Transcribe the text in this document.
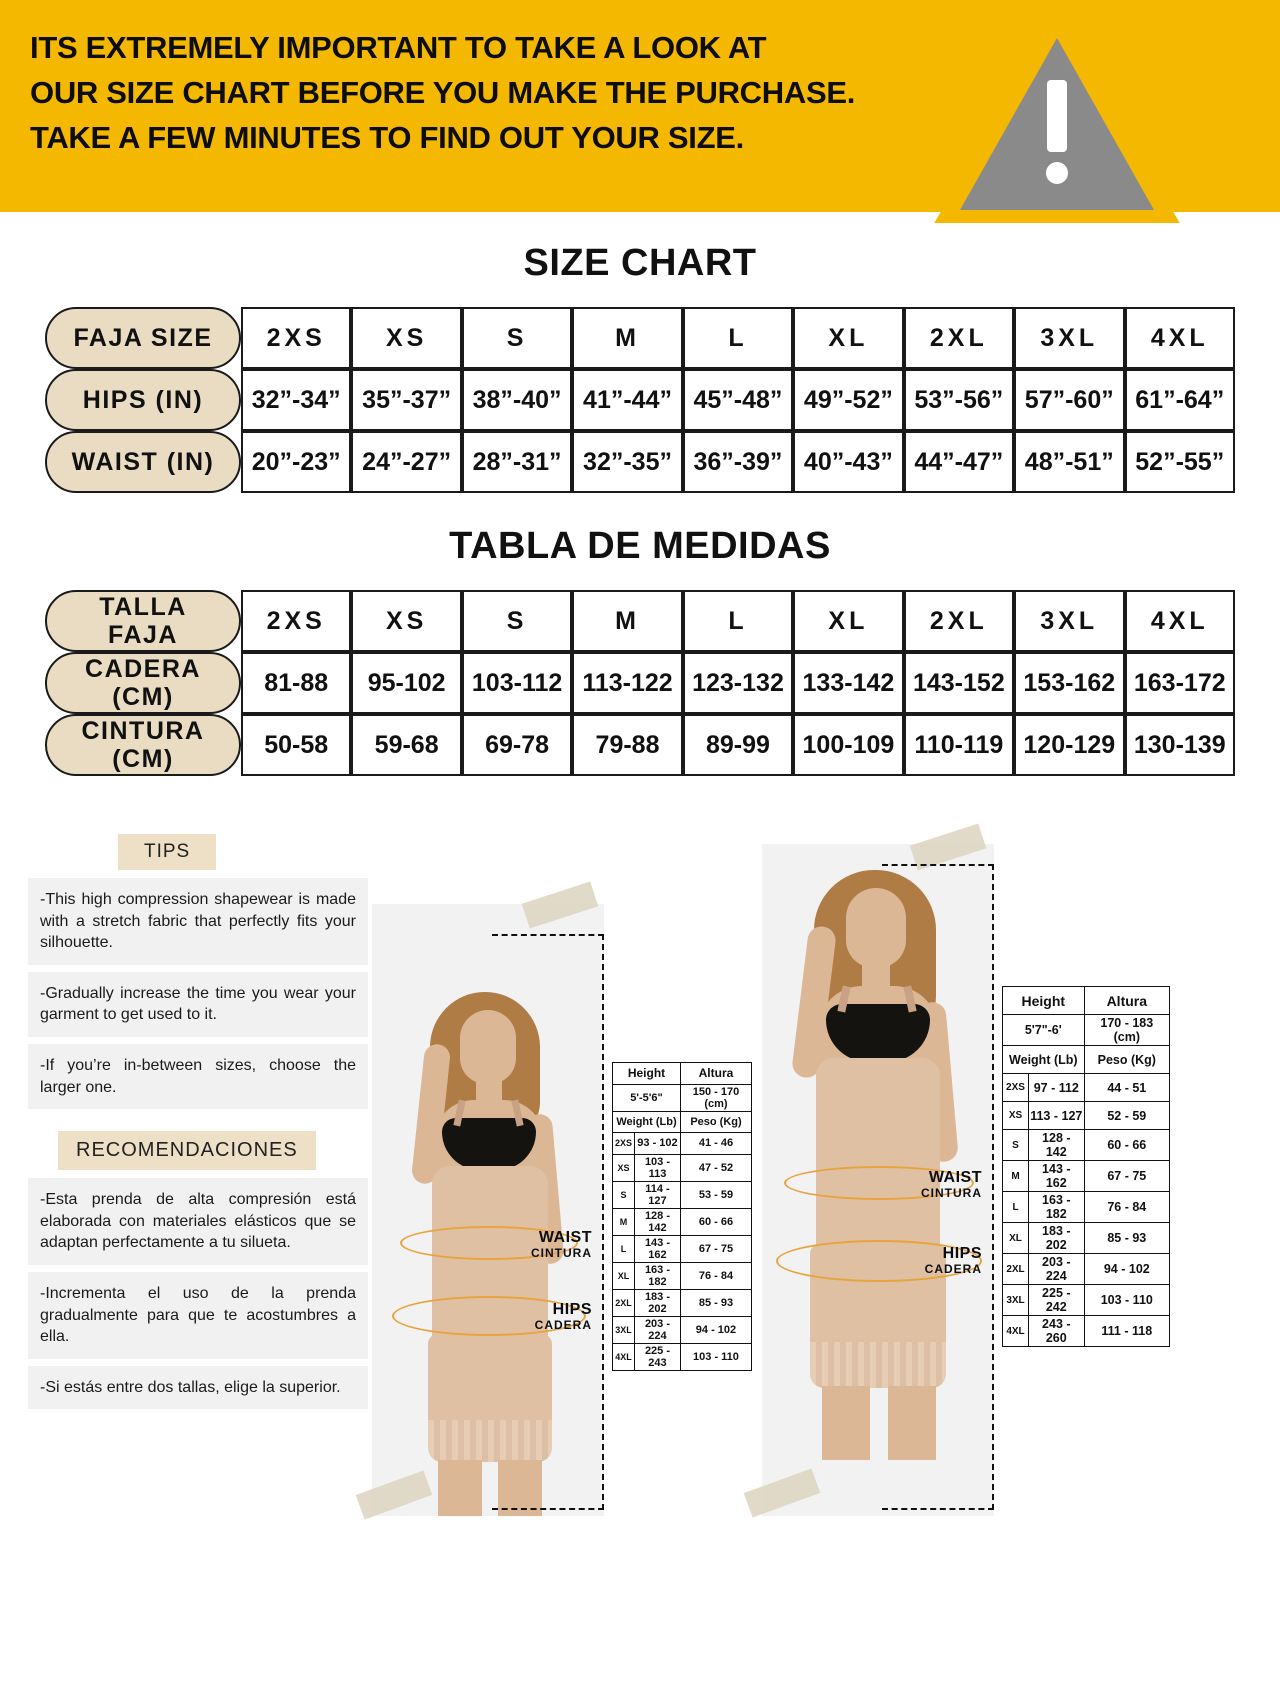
ITS EXTREMELY IMPORTANT TO TAKE A LOOK AT
OUR SIZE CHART BEFORE YOU MAKE THE PURCHASE.
TAKE A FEW MINUTES TO FIND OUT YOUR SIZE.
SIZE CHART
FAJA SIZE	2XS	XS	S	M	L	XL	2XL	3XL	4XL
HIPS (IN)	32”-34”	35”-37”	38”-40”	41”-44”	45”-48”	49”-52”	53”-56”	57”-60”	61”-64”
WAIST (IN)	20”-23”	24”-27”	28”-31”	32”-35”	36”-39”	40”-43”	44”-47”	48”-51”	52”-55”
TABLA DE MEDIDAS
TALLA
FAJA	2XS	XS	S	M	L	XL	2XL	3XL	4XL
CADERA
(CM)	81-88	95-102	103-112	113-122	123-132	133-142	143-152	153-162	163-172
CINTURA
(CM)	50-58	59-68	69-78	79-88	89-99	100-109	110-119	120-129	130-139
TIPS
-This high compression shapewear is made with a stretch fabric that perfectly fits your silhouette.
-Gradually increase the time you wear your garment to get used to it.
-If you’re in-between sizes, choose the larger one.
RECOMENDACIONES
-Esta prenda de alta compresión está elaborada con materiales elásticos que se adaptan perfectamente a tu silueta.
-Incrementa el uso de la prenda gradualmente para que te acostumbres a ella.
-Si estás entre dos tallas, elige la superior.
WAIST
CINTURA
HIPS
CADERA
Height		Altura
5'-5'6"		150 - 170 (cm)
Weight (Lb)		Peso (Kg)
2XS	93 - 102	41 - 46
XS	103 - 113	47 - 52
S	114 - 127	53 - 59
M	128 - 142	60 - 66
L	143 - 162	67 - 75
XL	163 - 182	76 - 84
2XL	183 - 202	85 - 93
3XL	203 - 224	94 - 102
4XL	225 - 243	103 - 110
WAIST
CINTURA
HIPS
CADERA
Height		Altura
5'7"-6'		170 - 183 (cm)
Weight (Lb)		Peso (Kg)
2XS	97 - 112	44 - 51
XS	113 - 127	52 - 59
S	128 - 142	60 - 66
M	143 - 162	67 - 75
L	163 - 182	76 - 84
XL	183 - 202	85 - 93
2XL	203 - 224	94 - 102
3XL	225 - 242	103 - 110
4XL	243 - 260	111 - 118
